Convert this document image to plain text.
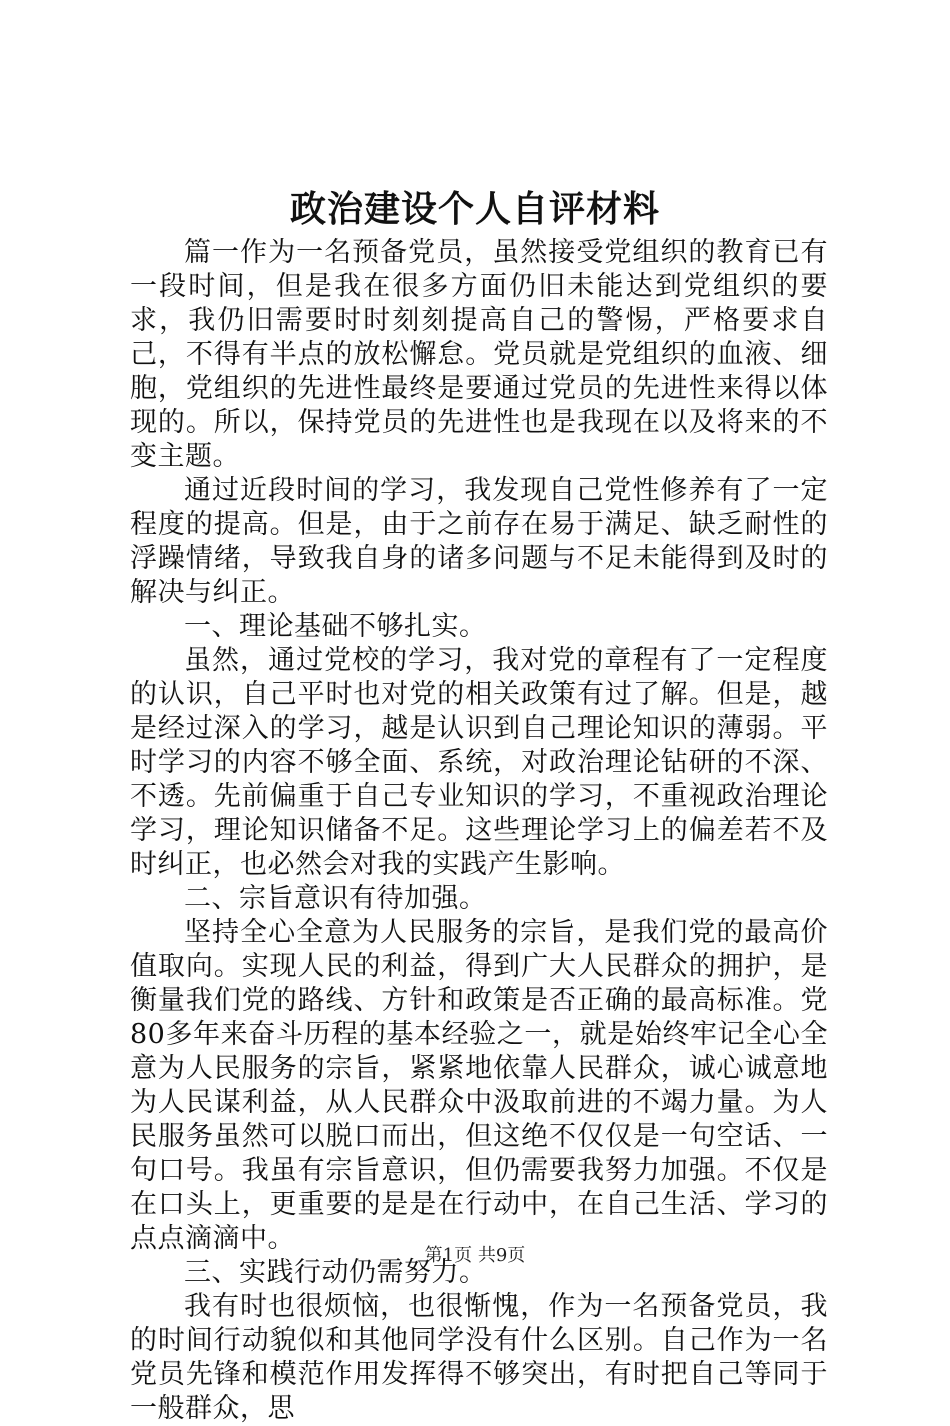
政治建设个人自评材料

篇一作为一名预备党员，虽然接受党组织的教育已有一段时间，但是我在很多方面仍旧未能达到党组织的要求，我仍旧需要时时刻刻提高自己的警惕，严格要求自己，不得有半点的放松懈怠。党员就是党组织的血液、细胞，党组织的先进性最终是要通过党员的先进性来得以体现的。所以，保持党员的先进性也是我现在以及将来的不变主题。

通过近段时间的学习，我发现自己党性修养有了一定程度的提高。但是，由于之前存在易于满足、缺乏耐性的浮躁情绪，导致我自身的诸多问题与不足未能得到及时的解决与纠正。

一、理论基础不够扎实。

虽然，通过党校的学习，我对党的章程有了一定程度的认识，自己平时也对党的相关政策有过了解。但是，越是经过深入的学习，越是认识到自己理论知识的薄弱。平时学习的内容不够全面、系统，对政治理论钻研的不深、不透。先前偏重于自己专业知识的学习，不重视政治理论学习，理论知识储备不足。这些理论学习上的偏差若不及时纠正，也必然会对我的实践产生影响。

二、宗旨意识有待加强。

坚持全心全意为人民服务的宗旨，是我们党的最高价值取向。实现人民的利益，得到广大人民群众的拥护，是衡量我们党的路线、方针和政策是否正确的最高标准。党80多年来奋斗历程的基本经验之一，就是始终牢记全心全意为人民服务的宗旨，紧紧地依靠人民群众，诚心诚意地为人民谋利益，从人民群众中汲取前进的不竭力量。为人民服务虽然可以脱口而出，但这绝不仅仅是一句空话、一句口号。我虽有宗旨意识，但仍需要我努力加强。不仅是在口头上，更重要的是是在行动中，在自己生活、学习的点点滴滴中。

三、实践行动仍需努力。

我有时也很烦恼，也很惭愧，作为一名预备党员，我的时间行动貌似和其他同学没有什么区别。自己作为一名党员先锋和模范作用发挥得不够突出，有时把自己等同于一般群众，思

第1页 共9页
